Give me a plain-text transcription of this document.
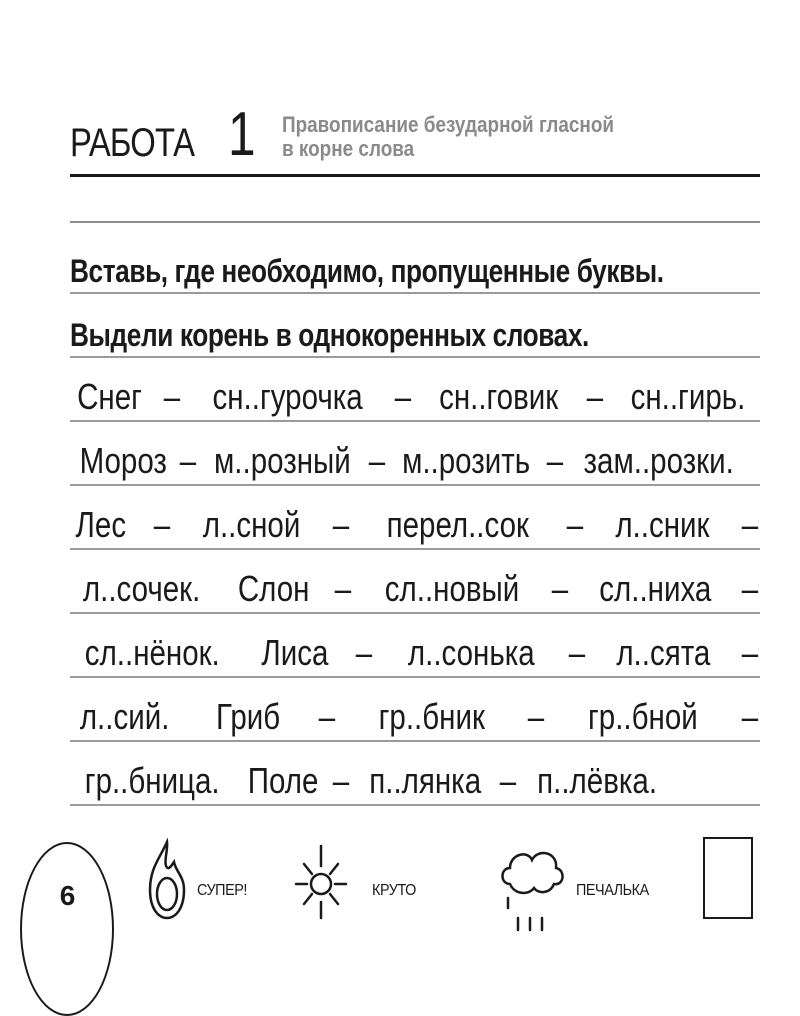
РАБОТА 1 Правописание безударной гласной
в корне слова
Вставь, где необходимо, пропущенные буквы.
Выдели корень в однокоренных словах.
Снег – сн..гурочка – сн..говик – сн..гирь.
Мороз – м..розный – м..розить – зам..розки.
Лес – л..сной – перел..сок – л..сник –
л..сочек. Слон – сл..новый – сл..ниха –
сл..нёнок. Лиса – л..сонька – л..сята –
л..сий. Гриб – гр..бник – гр..бной –
гр..бница. Поле – п..лянка – п..лёвка.
6	СУПЕР!	КРУТО	ПЕЧАЛЬКА
